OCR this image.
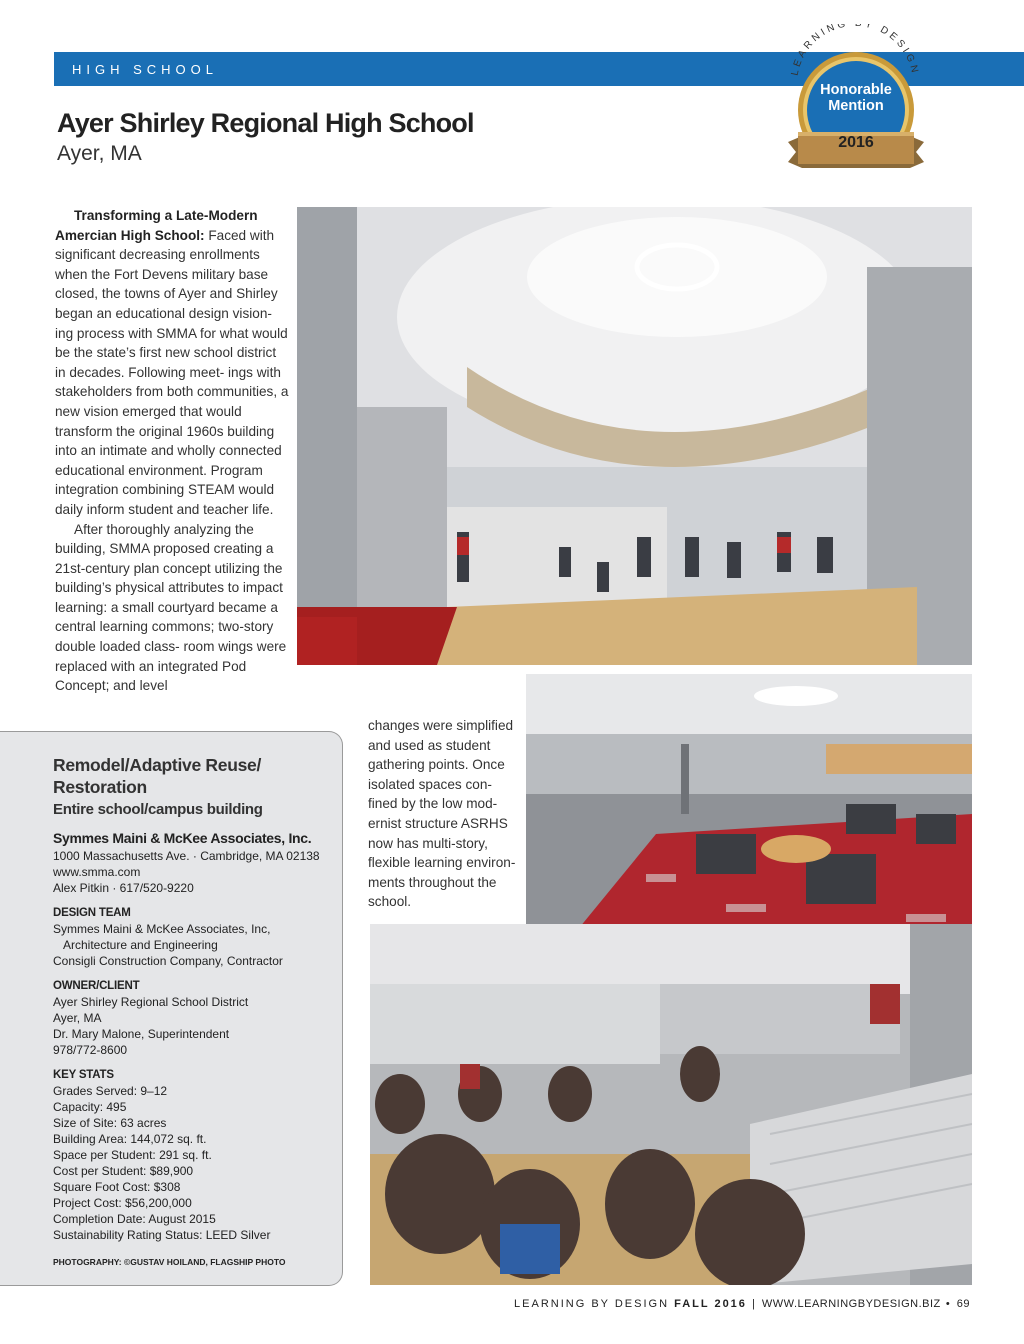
HIGH SCHOOL
Ayer Shirley Regional High School
Ayer, MA
LEARNING Y DESIGN
Honorable
Mention
2016

Transforming a Late-Modern Amercian High School: Faced with significant decreasing enrollments when the Fort Devens military base closed, the towns of Ayer and Shirley began an educational design vision- ing process with SMMA for what would be the state’s first new school district in decades. Following meet- ings with stakeholders from both communities, a new vision emerged that would transform the original 1960s building into an intimate and wholly connected educational environment. Program integration combining STEAM would daily inform student and teacher life.

After thoroughly analyzing the building, SMMA proposed creating a 21st-century plan concept utilizing the building’s physical attributes to impact learning: a small courtyard became a central learning commons; two-story double loaded class- room wings were replaced with an integrated Pod Concept; and level

changes were simplified and used as student gathering points. Once isolated spaces con- fined by the low mod- ernist structure ASRHS now has multi-story, flexible learning environ- ments throughout the school.
Remodel/Adaptive Reuse/ Restoration
Entire school/campus building
Symmes Maini & McKee Associates, Inc.
1000 Massachusetts Ave. · Cambridge, MA 02138
www.smma.com
Alex Pitkin · 617/520-9220
DESIGN TEAM
Symmes Maini & McKee Associates, Inc,
Architecture and Engineering
Consigli Construction Company, Contractor
OWNER/CLIENT
Ayer Shirley Regional School District
Ayer, MA
Dr. Mary Malone, Superintendent
978/772-8600
KEY STATS
Grades Served: 9–12
Capacity: 495
Size of Site: 63 acres
Building Area: 144,072 sq. ft.
Space per Student: 291 sq. ft.
Cost per Student: $89,900
Square Foot Cost: $308
Project Cost: $56,200,000
Completion Date: August 2015
Sustainability Rating Status: LEED Silver
PHOTOGRAPHY: ©GUSTAV HOILAND, FLAGSHIP PHOTO
LEARNING BY DESIGN FALL 2016 | WWW.LEARNINGBYDESIGN.BIZ • 69
